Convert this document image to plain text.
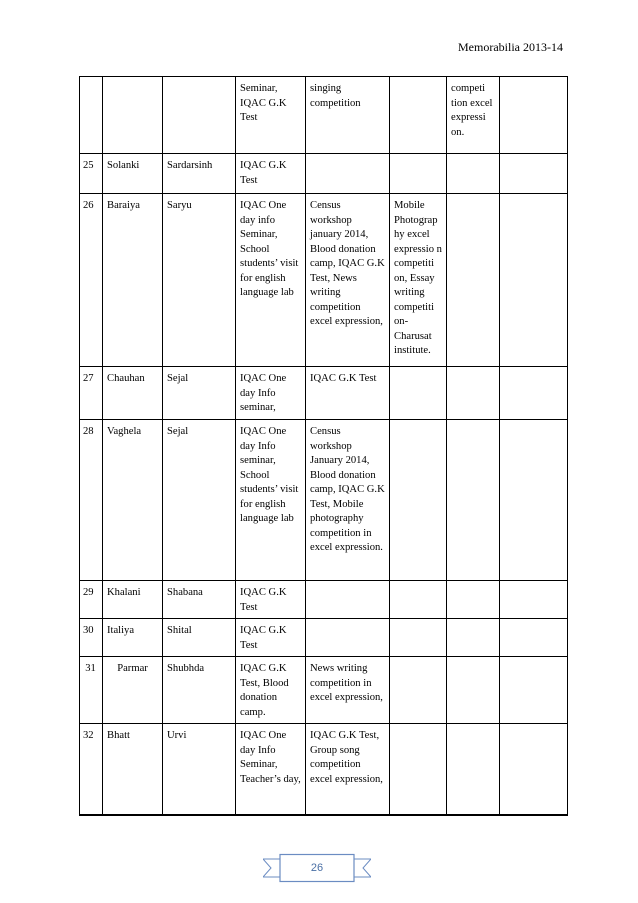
Memorabilia 2013-14
			Seminar, IQAC G.K Test	singing competition		competi tion excel expressi on.	
25	Solanki	Sardarsinh	IQAC G.K Test				
26	Baraiya	Saryu	IQAC One day info Seminar, School students’ visit for english language lab	Census workshop january 2014, Blood donation camp, IQAC G.K Test, News writing competition excel expression,	Mobile Photograp hy excel expressio n competiti on, Essay writing competiti on- Charusat institute.		
27	Chauhan	Sejal	IQAC One day Info seminar,	IQAC G.K Test			
28	Vaghela	Sejal	IQAC One day Info seminar, School students’ visit for english language lab	Census workshop January 2014, Blood donation camp, IQAC G.K Test, Mobile photography competition in excel expression.			
29	Khalani	Shabana	IQAC G.K Test				
30	Italiya	Shital	IQAC G.K Test				
31	Parmar	Shubhda	IQAC G.K Test, Blood donation camp.	News writing competition in excel expression,			
32	Bhatt	Urvi	IQAC One day Info Seminar, Teacher’s day,	IQAC G.K Test, Group song competition excel expression,			
26
